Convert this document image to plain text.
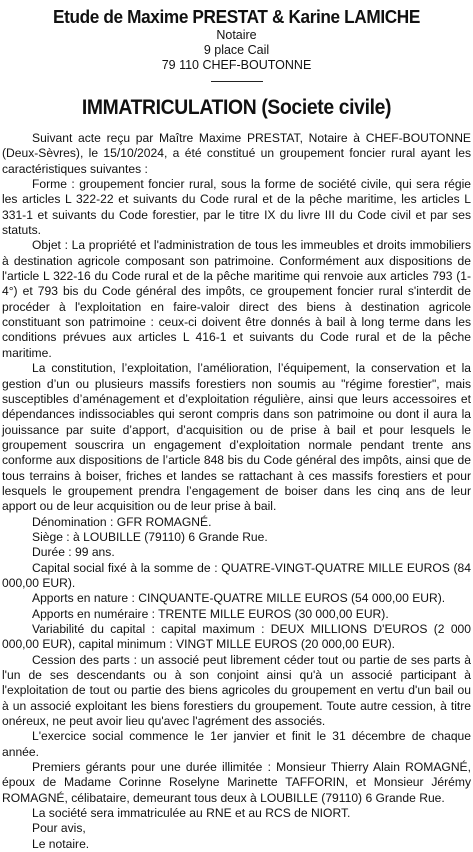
Etude de Maxime PRESTAT & Karine LAMICHE
Notaire
9 place Cail
79 110 CHEF-BOUTONNE
IMMATRICULATION (Societe civile)

Suivant acte reçu par Maître Maxime PRESTAT, Notaire à CHEF-BOUTONNE (Deux-Sèvres), le 15/10/2024, a été constitué un groupement foncier rural ayant les caractéristiques suivantes :

Forme : groupement foncier rural, sous la forme de société civile, qui sera régie les articles L 322-22 et suivants du Code rural et de la pêche maritime, les articles L 331-1 et suivants du Code forestier, par le titre IX du livre III du Code civil et par ses statuts.

Objet : La propriété et l'administration de tous les immeubles et droits immobiliers à destination agricole composant son patrimoine. Conformément aux dispositions de l'article L 322-16 du Code rural et de la pêche maritime qui renvoie aux articles 793 (1-4°) et 793 bis du Code général des impôts, ce groupement foncier rural s'interdit de procéder à l'exploitation en faire-valoir direct des biens à destination agricole constituant son patrimoine : ceux-ci doivent être donnés à bail à long terme dans les conditions prévues aux articles L 416-1 et suivants du Code rural et de la pêche maritime.

La constitution, l’exploitation, l’amélioration, l’équipement, la conservation et la gestion d’un ou plusieurs massifs forestiers non soumis au "régime forestier", mais susceptibles d’aménagement et d’exploitation régulière, ainsi que leurs accessoires et dépendances indissociables qui seront compris dans son patrimoine ou dont il aura la jouissance par suite d’apport, d’acquisition ou de prise à bail et pour lesquels le groupement souscrira un engagement d’exploitation normale pendant trente ans conforme aux dispositions de l’article 848 bis du Code général des impôts, ainsi que de tous terrains à boiser, friches et landes se rattachant à ces massifs forestiers et pour lesquels le groupement prendra l’engagement de boiser dans les cinq ans de leur apport ou de leur acquisition ou de leur prise à bail.

Dénomination : GFR ROMAGNÉ.

Siège : à LOUBILLE (79110) 6 Grande Rue.

Durée : 99 ans.

Capital social fixé à la somme de : QUATRE-VINGT-QUATRE MILLE EUROS (84 000,00 EUR).

Apports en nature : CINQUANTE-QUATRE MILLE EUROS (54 000,00 EUR).

Apports en numéraire : TRENTE MILLE EUROS (30 000,00 EUR).

Variabilité du capital : capital maximum : DEUX MILLIONS D'EUROS (2 000 000,00 EUR), capital minimum : VINGT MILLE EUROS (20 000,00 EUR).

Cession des parts : un associé peut librement céder tout ou partie de ses parts à l'un de ses descendants ou à son conjoint ainsi qu'à un associé participant à l'exploitation de tout ou partie des biens agricoles du groupement en vertu d'un bail ou à un associé exploitant les biens forestiers du groupement. Toute autre cession, à titre onéreux, ne peut avoir lieu qu'avec l'agrément des associés.

L'exercice social commence le 1er janvier et finit le 31 décembre de chaque année.

Premiers gérants pour une durée illimitée : Monsieur Thierry Alain ROMAGNÉ, époux de Madame Corinne Roselyne Marinette TAFFORIN, et Monsieur Jérémy ROMAGNÉ, célibataire, demeurant tous deux à LOUBILLE (79110) 6 Grande Rue.

La société sera immatriculée au RNE et au RCS de NIORT.

Pour avis,

Le notaire.
